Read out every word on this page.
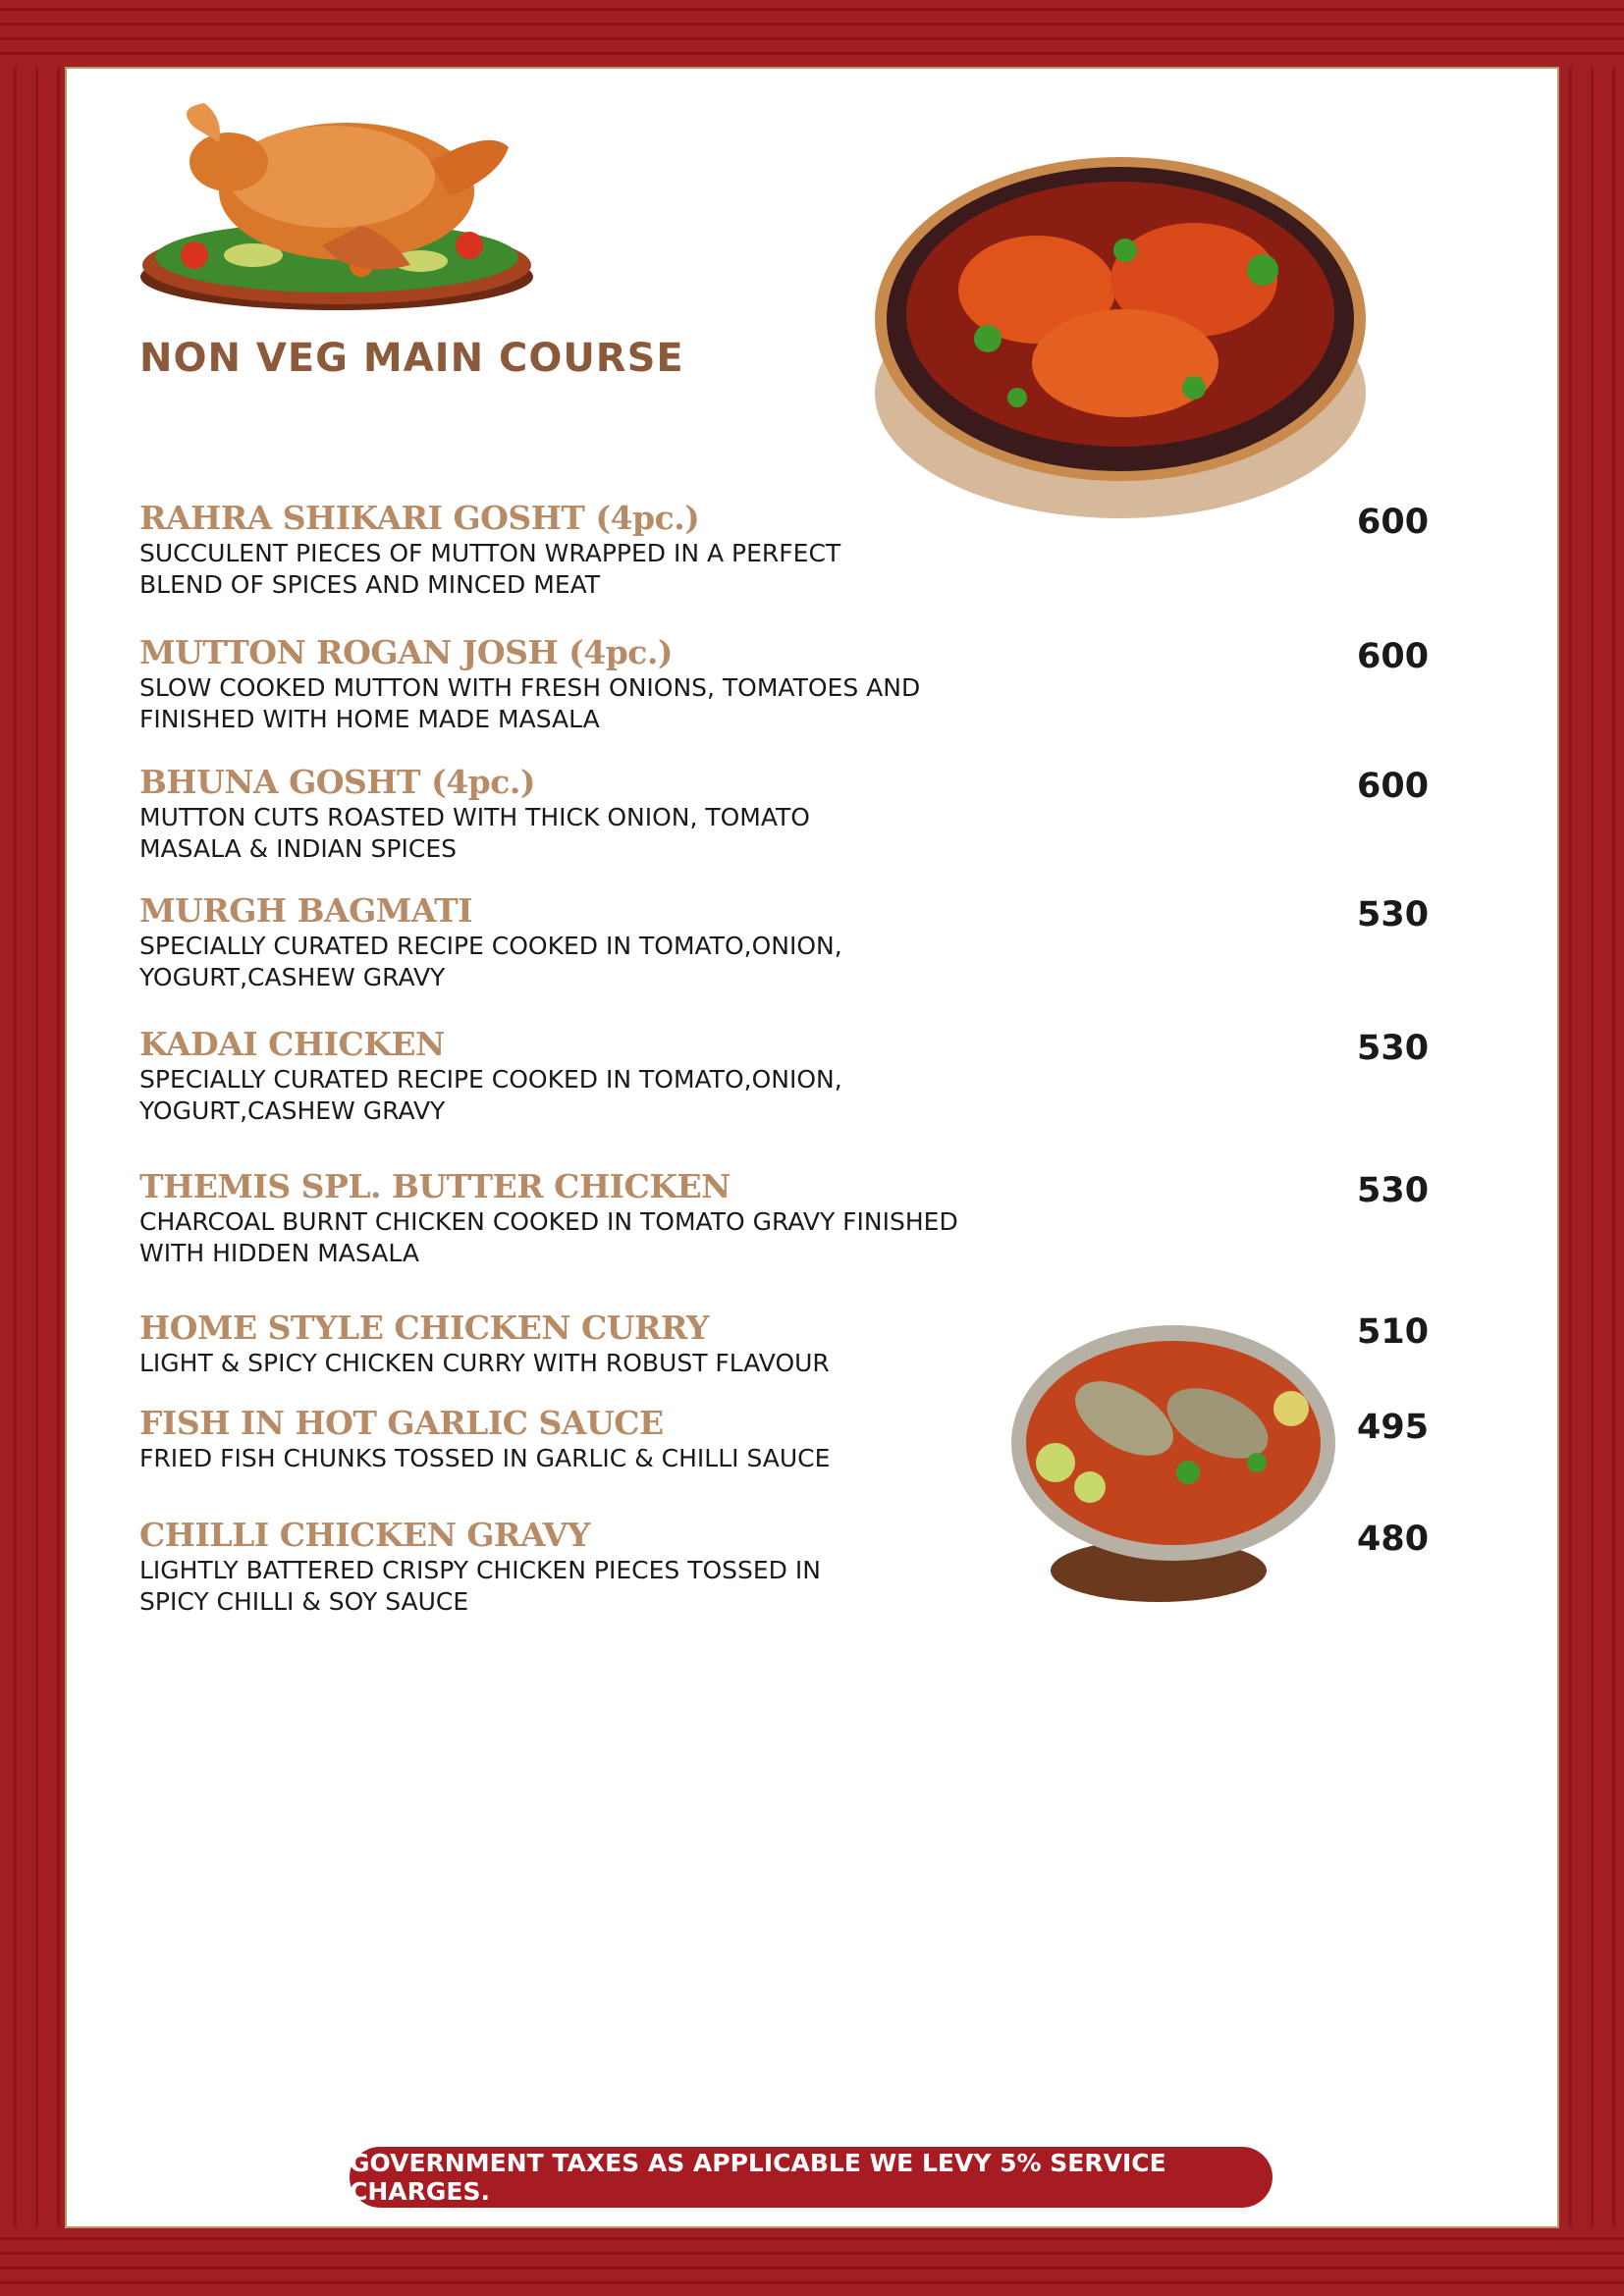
NON VEG MAIN COURSE
RAHRA SHIKARI GOSHT (4pc.)
SUCCULENT PIECES OF MUTTON WRAPPED IN A PERFECT
BLEND OF SPICES AND MINCED MEAT
600
MUTTON ROGAN JOSH (4pc.)
SLOW COOKED MUTTON WITH FRESH ONIONS, TOMATOES AND
FINISHED WITH HOME MADE MASALA
600
BHUNA GOSHT (4pc.)
MUTTON CUTS ROASTED WITH THICK ONION, TOMATO
MASALA & INDIAN SPICES
600
MURGH BAGMATI
SPECIALLY CURATED RECIPE COOKED IN TOMATO,ONION,
YOGURT,CASHEW GRAVY
530
KADAI CHICKEN
SPECIALLY CURATED RECIPE COOKED IN TOMATO,ONION,
YOGURT,CASHEW GRAVY
530
THEMIS SPL. BUTTER CHICKEN
CHARCOAL BURNT CHICKEN COOKED IN TOMATO GRAVY FINISHED
WITH HIDDEN MASALA
530
HOME STYLE CHICKEN CURRY
LIGHT & SPICY CHICKEN CURRY WITH ROBUST FLAVOUR
510
FISH IN HOT GARLIC SAUCE
FRIED FISH CHUNKS TOSSED IN GARLIC & CHILLI SAUCE
495
CHILLI CHICKEN GRAVY
LIGHTLY BATTERED CRISPY CHICKEN PIECES TOSSED IN
SPICY CHILLI & SOY SAUCE
480
GOVERNMENT TAXES AS APPLICABLE WE LEVY 5% SERVICE CHARGES.
